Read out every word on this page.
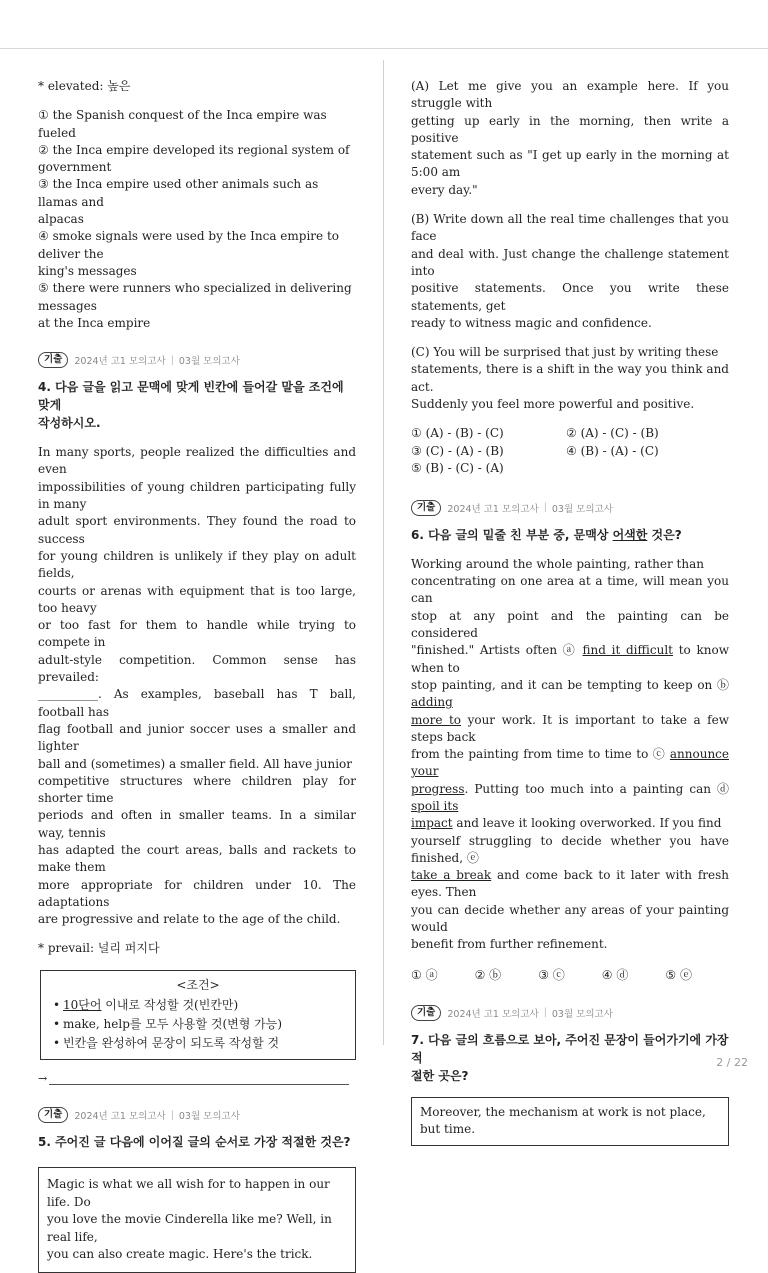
* elevated: 높은

① the Spanish conquest of the Inca empire was fueled

② the Inca empire developed its regional system of

government

③ the Inca empire used other animals such as llamas and

alpacas

④ smoke signals were used by the Inca empire to deliver the

king's messages

⑤ there were runners who specialized in delivering messages

at the Inca empire

기출	2024년 고1 모의고사 | 03월 모의고사
4. 다음 글을 읽고 문맥에 맞게 빈칸에 들어갈 말을 조건에 맞게
작성하시오.

In many sports, people realized the difficulties and even

impossibilities of young children participating fully in many

adult sport environments. They found the road to success

for young children is unlikely if they play on adult fields,

courts or arenas with equipment that is too large, too heavy

or too fast for them to handle while trying to compete in

adult-style competition. Common sense has prevailed:

__________. As examples, baseball has T ball, football has

flag football and junior soccer uses a smaller and lighter

ball and (sometimes) a smaller field. All have junior

competitive structures where children play for shorter time

periods and often in smaller teams. In a similar way, tennis

has adapted the court areas, balls and rackets to make them

more appropriate for children under 10. The adaptations

are progressive and relate to the age of the child.

* prevail: 널리 퍼지다

<조건>
• 10단어 이내로 작성할 것(빈칸만)
• make, help를 모두 사용할 것(변형 가능)
• 빈칸을 완성하여 문장이 되도록 작성할 것
→
기출	2024년 고1 모의고사 | 03월 모의고사
5. 주어진 글 다음에 이어질 글의 순서로 가장 적절한 것은?

Magic is what we all wish for to happen in our life. Do

you love the movie Cinderella like me? Well, in real life,

you can also create magic. Here's the trick.

(A) Let me give you an example here. If you struggle with

getting up early in the morning, then write a positive

statement such as "I get up early in the morning at 5:00 am

every day."

(B) Write down all the real time challenges that you face

and deal with. Just change the challenge statement into

positive statements. Once you write these statements, get

ready to witness magic and confidence.

(C) You will be surprised that just by writing these

statements, there is a shift in the way you think and act.

Suddenly you feel more powerful and positive.

① (A) - (B) - (C)	② (A) - (C) - (B)
③ (C) - (A) - (B)	④ (B) - (A) - (C)
⑤ (B) - (C) - (A)
기출	2024년 고1 모의고사 | 03월 모의고사
6. 다음 글의 밑줄 친 부분 중, 문맥상 어색한 것은?

Working around the whole painting, rather than

concentrating on one area at a time, will mean you can

stop at any point and the painting can be considered

"finished." Artists often ⓐ find it difficult to know when to

stop painting, and it can be tempting to keep on ⓑ adding

more to your work. It is important to take a few steps back

from the painting from time to time to ⓒ announce your

progress. Putting too much into a painting can ⓓ spoil its

impact and leave it looking overworked. If you find

yourself struggling to decide whether you have finished, ⓔ

take a break and come back to it later with fresh eyes. Then

you can decide whether any areas of your painting would

benefit from further refinement.

① ⓐ	② ⓑ	③ ⓒ	④ ⓓ	⑤ ⓔ
기출	2024년 고1 모의고사 | 03월 모의고사
7. 다음 글의 흐름으로 보아, 주어진 문장이 들어가기에 가장 적
절한 곳은?

Moreover, the mechanism at work is not place, but time.

2 / 22
